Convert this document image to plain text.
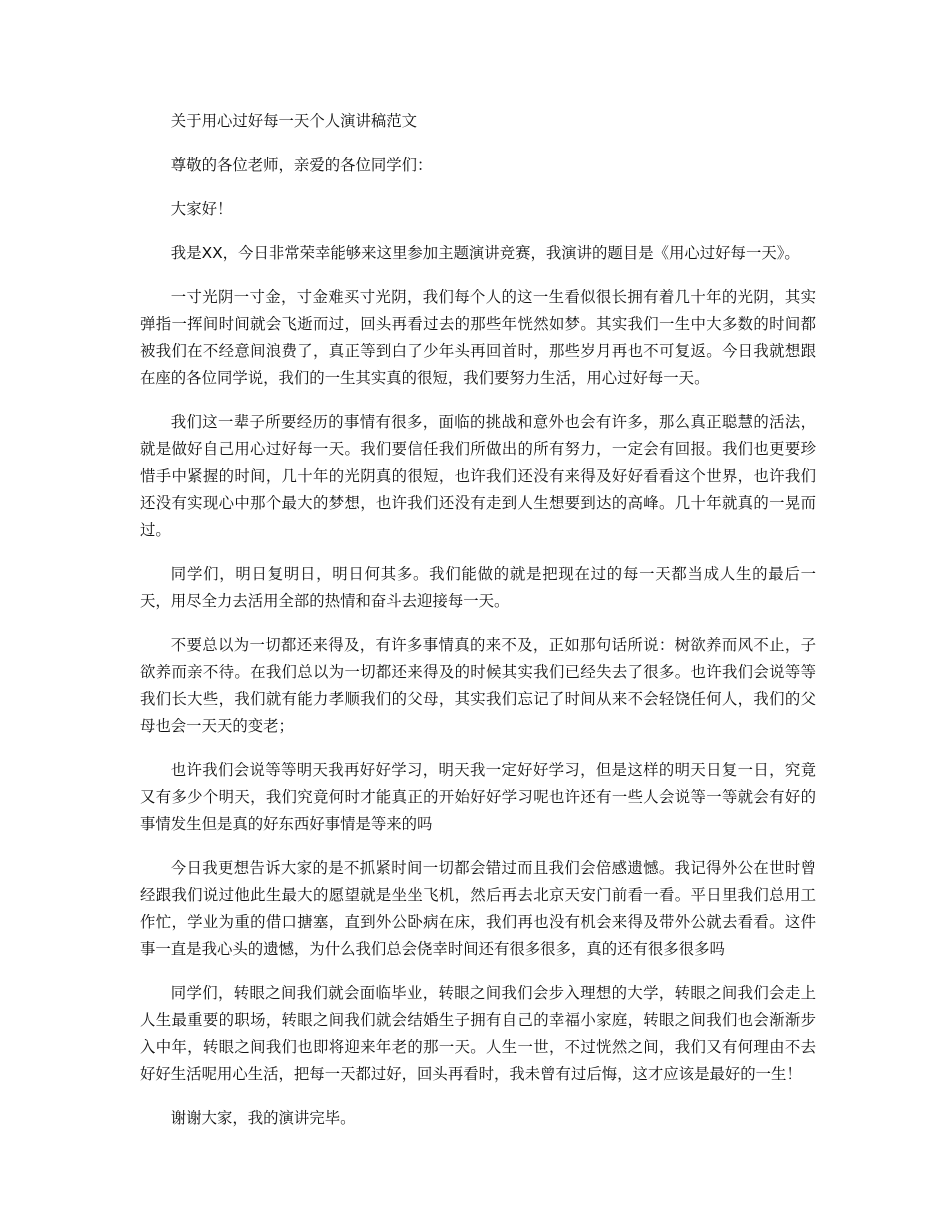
关于用心过好每一天个人演讲稿范文

尊敬的各位老师，亲爱的各位同学们：

大家好！

我是XX，今日非常荣幸能够来这里参加主题演讲竞赛，我演讲的题目是《用心过好每一天》。

一寸光阴一寸金，寸金难买寸光阴，我们每个人的这一生看似很长拥有着几十年的光阴，其实弹指一挥间时间就会飞逝而过，回头再看过去的那些年恍然如梦。其实我们一生中大多数的时间都被我们在不经意间浪费了，真正等到白了少年头再回首时，那些岁月再也不可复返。今日我就想跟在座的各位同学说，我们的一生其实真的很短，我们要努力生活，用心过好每一天。

我们这一辈子所要经历的事情有很多，面临的挑战和意外也会有许多，那么真正聪慧的活法，就是做好自己用心过好每一天。我们要信任我们所做出的所有努力，一定会有回报。我们也更要珍惜手中紧握的时间，几十年的光阴真的很短，也许我们还没有来得及好好看看这个世界，也许我们还没有实现心中那个最大的梦想，也许我们还没有走到人生想要到达的高峰。几十年就真的一晃而过。

同学们，明日复明日，明日何其多。我们能做的就是把现在过的每一天都当成人生的最后一天，用尽全力去活用全部的热情和奋斗去迎接每一天。

不要总以为一切都还来得及，有许多事情真的来不及，正如那句话所说：树欲养而风不止，子欲养而亲不待。在我们总以为一切都还来得及的时候其实我们已经失去了很多。也许我们会说等等我们长大些，我们就有能力孝顺我们的父母，其实我们忘记了时间从来不会轻饶任何人，我们的父母也会一天天的变老；

也许我们会说等等明天我再好好学习，明天我一定好好学习，但是这样的明天日复一日，究竟又有多少个明天，我们究竟何时才能真正的开始好好学习呢也许还有一些人会说等一等就会有好的事情发生但是真的好东西好事情是等来的吗

今日我更想告诉大家的是不抓紧时间一切都会错过而且我们会倍感遗憾。我记得外公在世时曾经跟我们说过他此生最大的愿望就是坐坐飞机，然后再去北京天安门前看一看。平日里我们总用工作忙，学业为重的借口搪塞，直到外公卧病在床，我们再也没有机会来得及带外公就去看看。这件事一直是我心头的遗憾，为什么我们总会侥幸时间还有很多很多，真的还有很多很多吗

同学们，转眼之间我们就会面临毕业，转眼之间我们会步入理想的大学，转眼之间我们会走上人生最重要的职场，转眼之间我们就会结婚生子拥有自己的幸福小家庭，转眼之间我们也会渐渐步入中年，转眼之间我们也即将迎来年老的那一天。人生一世，不过恍然之间，我们又有何理由不去好好生活呢用心生活，把每一天都过好，回头再看时，我未曾有过后悔，这才应该是最好的一生！

谢谢大家，我的演讲完毕。
